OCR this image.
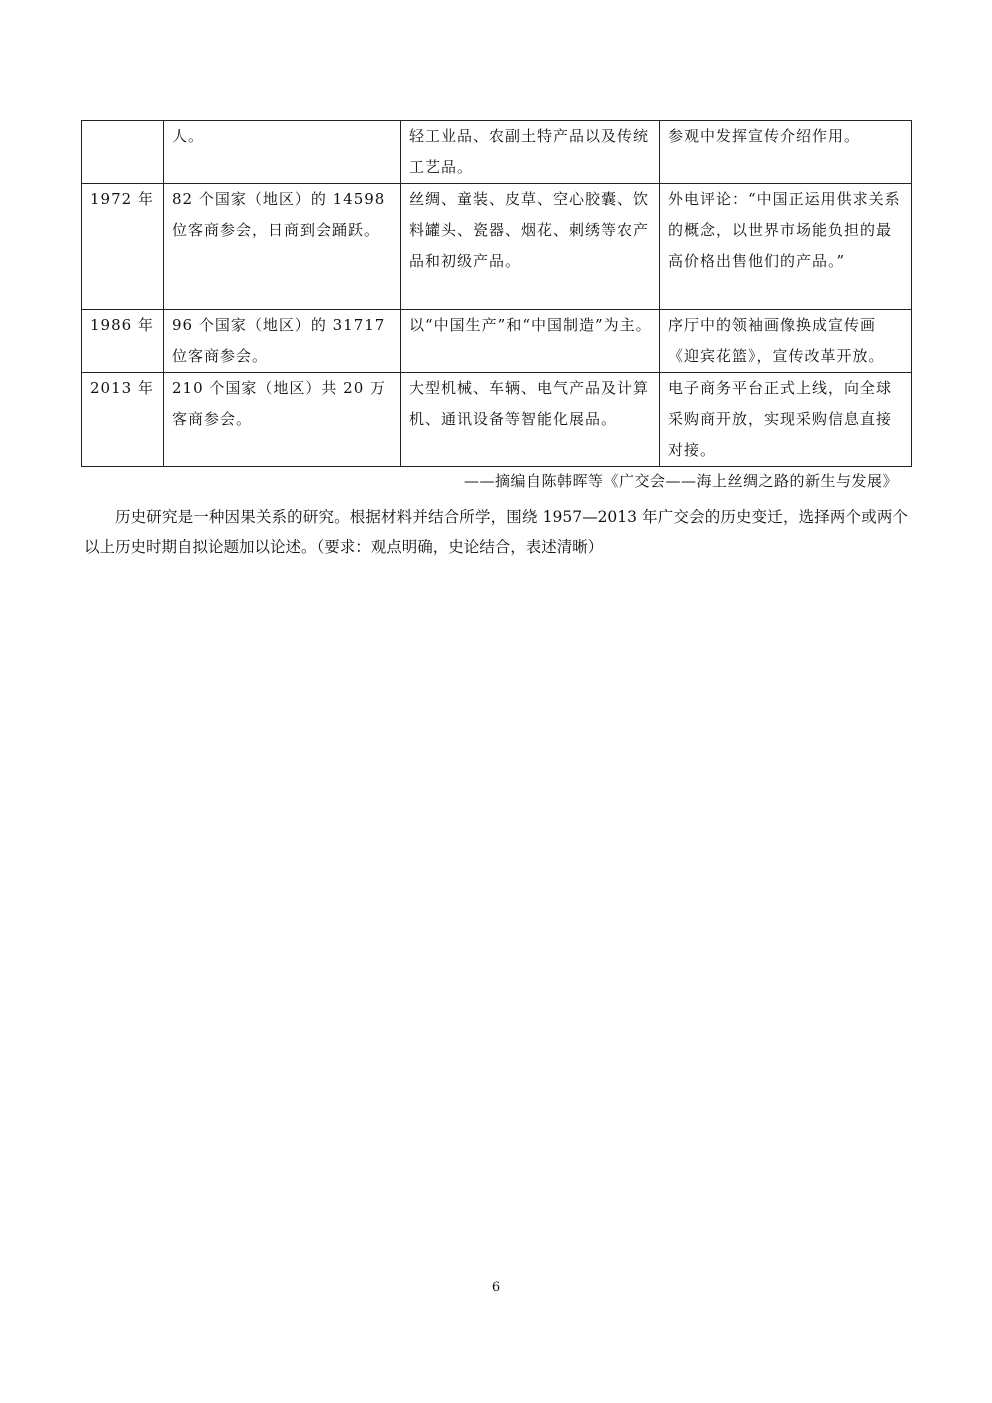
	人。	轻工业品、农副土特产品以及传统工艺品。	参观中发挥宣传介绍作用。
1972 年	82 个国家（地区）的 14598 位客商参会，日商到会踊跃。	丝绸、童装、皮草、空心胶囊、饮料罐头、瓷器、烟花、刺绣等农产品和初级产品。	外电评论：“中国正运用供求关系的概念，以世界市场能负担的最高价格出售他们的产品。”
1986 年	96 个国家（地区）的 31717 位客商参会。	以“中国生产”和“中国制造”为主。	序厅中的领袖画像换成宣传画《迎宾花篮》，宣传改革开放。
2013 年	210 个国家（地区）共 20 万客商参会。	大型机械、车辆、电气产品及计算机、通讯设备等智能化展品。	电子商务平台正式上线，向全球采购商开放，实现采购信息直接对接。
——摘编自陈韩晖等《广交会——海上丝绸之路的新生与发展》
历史研究是一种因果关系的研究。根据材料并结合所学，围绕 1957—2013 年广交会的历史变迁，选择两个或两个以上历史时期自拟论题加以论述。（要求：观点明确，史论结合，表述清晰）
6
